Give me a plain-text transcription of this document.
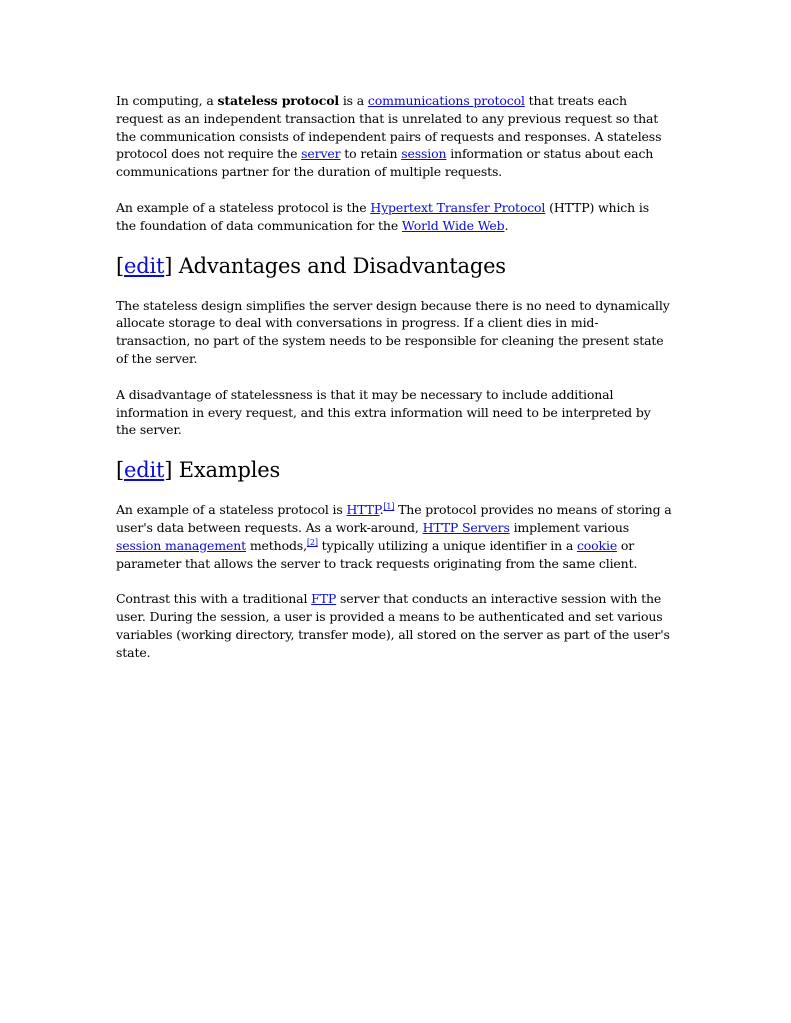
In computing, a stateless protocol is a communications protocol that treats each request as an independent transaction that is unrelated to any previous request so that the communication consists of independent pairs of requests and responses. A stateless protocol does not require the server to retain session information or status about each communications partner for the duration of multiple requests.

An example of a stateless protocol is the Hypertext Transfer Protocol (HTTP) which is the foundation of data communication for the World Wide Web.

[edit] Advantages and Disadvantages

The stateless design simplifies the server design because there is no need to dynamically allocate storage to deal with conversations in progress. If a client dies in mid-transaction, no part of the system needs to be responsible for cleaning the present state of the server.

A disadvantage of statelessness is that it may be necessary to include additional information in every request, and this extra information will need to be interpreted by the server.

[edit] Examples

An example of a stateless protocol is HTTP.[1] The protocol provides no means of storing a user's data between requests. As a work-around, HTTP Servers implement various session management methods,[2] typically utilizing a unique identifier in a cookie or parameter that allows the server to track requests originating from the same client.

Contrast this with a traditional FTP server that conducts an interactive session with the user. During the session, a user is provided a means to be authenticated and set various variables (working directory, transfer mode), all stored on the server as part of the user's state.
